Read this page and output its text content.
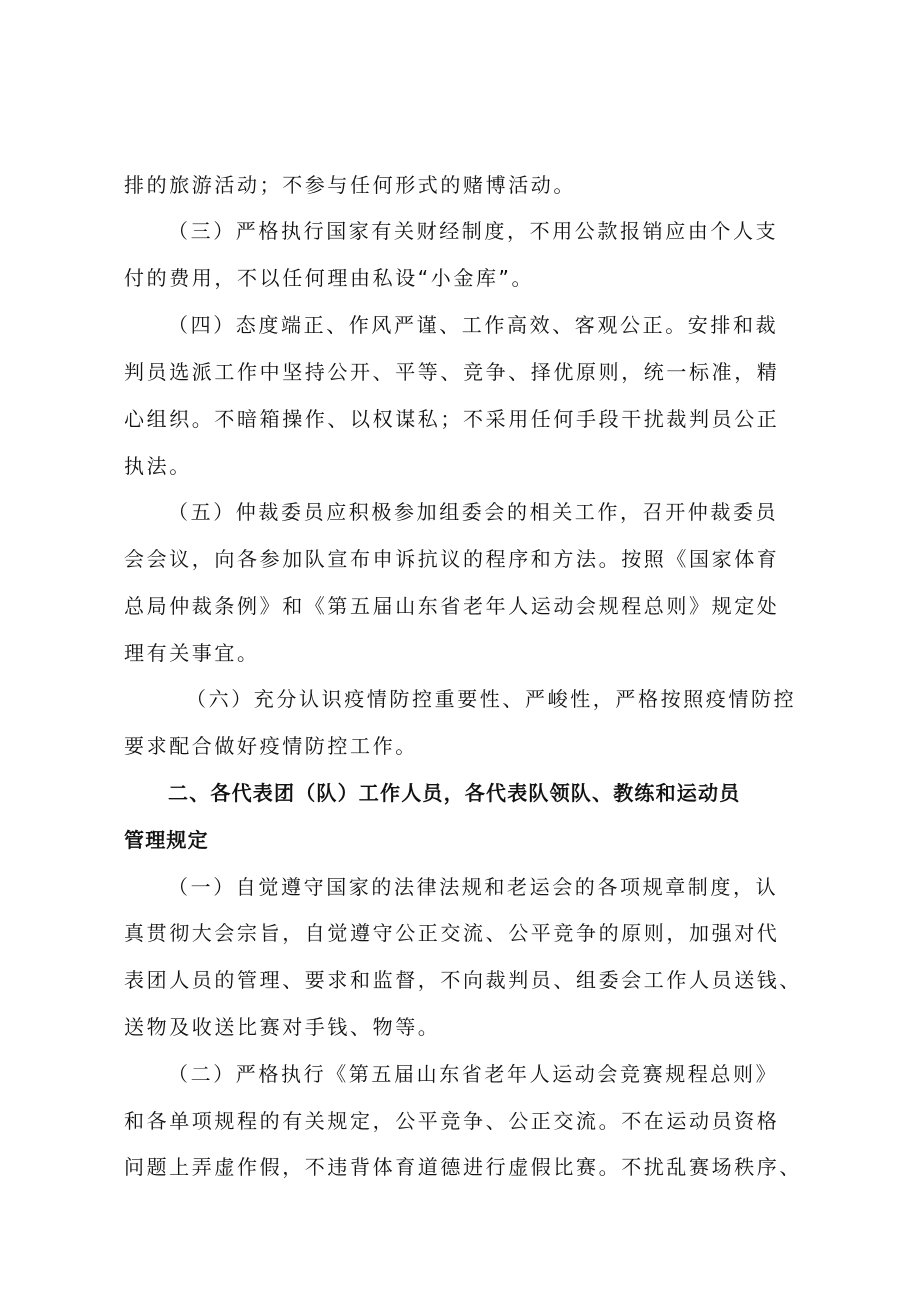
排的旅游活动；不参与任何形式的赌博活动。
（三）严格执行国家有关财经制度，不用公款报销应由个人支
付的费用，不以任何理由私设“小金库”。
（四）态度端正、作风严谨、工作高效、客观公正。安排和裁
判员选派工作中坚持公开、平等、竞争、择优原则，统一标准，精
心组织。不暗箱操作、以权谋私；不采用任何手段干扰裁判员公正
执法。
（五）仲裁委员应积极参加组委会的相关工作，召开仲裁委员
会会议，向各参加队宣布申诉抗议的程序和方法。按照《国家体育
总局仲裁条例》和《第五届山东省老年人运动会规程总则》规定处
理有关事宜。
（六）充分认识疫情防控重要性、严峻性，严格按照疫情防控
要求配合做好疫情防控工作。
二、各代表团（队）工作人员，各代表队领队、教练和运动员
管理规定
（一）自觉遵守国家的法律法规和老运会的各项规章制度，认
真贯彻大会宗旨，自觉遵守公正交流、公平竞争的原则，加强对代
表团人员的管理、要求和监督，不向裁判员、组委会工作人员送钱、
送物及收送比赛对手钱、物等。
（二）严格执行《第五届山东省老年人运动会竞赛规程总则》
和各单项规程的有关规定，公平竞争、公正交流。不在运动员资格
问题上弄虚作假，不违背体育道德进行虚假比赛。不扰乱赛场秩序、
